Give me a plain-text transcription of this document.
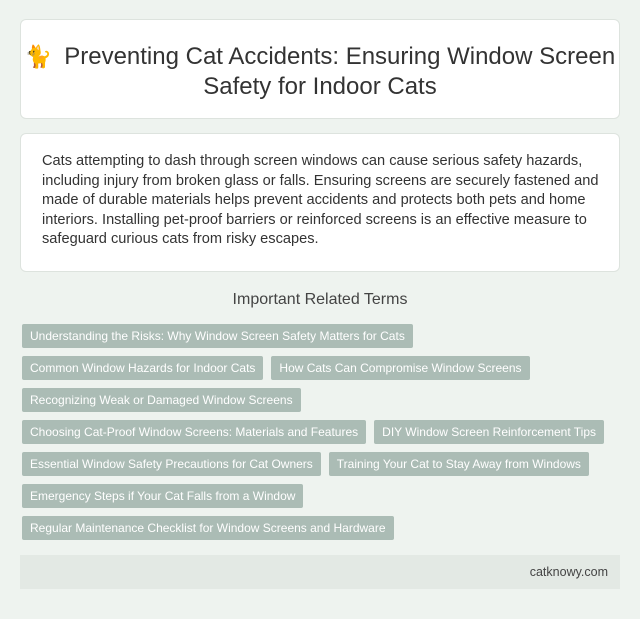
🐈 Preventing Cat Accidents: Ensuring Window Screen Safety for Indoor Cats

Cats attempting to dash through screen windows can cause serious safety hazards, including injury from broken glass or falls. Ensuring screens are securely fastened and made of durable materials helps prevent accidents and protects both pets and home interiors. Installing pet-proof barriers or reinforced screens is an effective measure to safeguard curious cats from risky escapes.

Important Related Terms
Understanding the Risks: Why Window Screen Safety Matters for Cats
Common Window Hazards for Indoor Cats	How Cats Can Compromise Window Screens
Recognizing Weak or Damaged Window Screens
Choosing Cat-Proof Window Screens: Materials and Features	DIY Window Screen Reinforcement Tips
Essential Window Safety Precautions for Cat Owners	Training Your Cat to Stay Away from Windows
Emergency Steps if Your Cat Falls from a Window
Regular Maintenance Checklist for Window Screens and Hardware
catknowy.com
